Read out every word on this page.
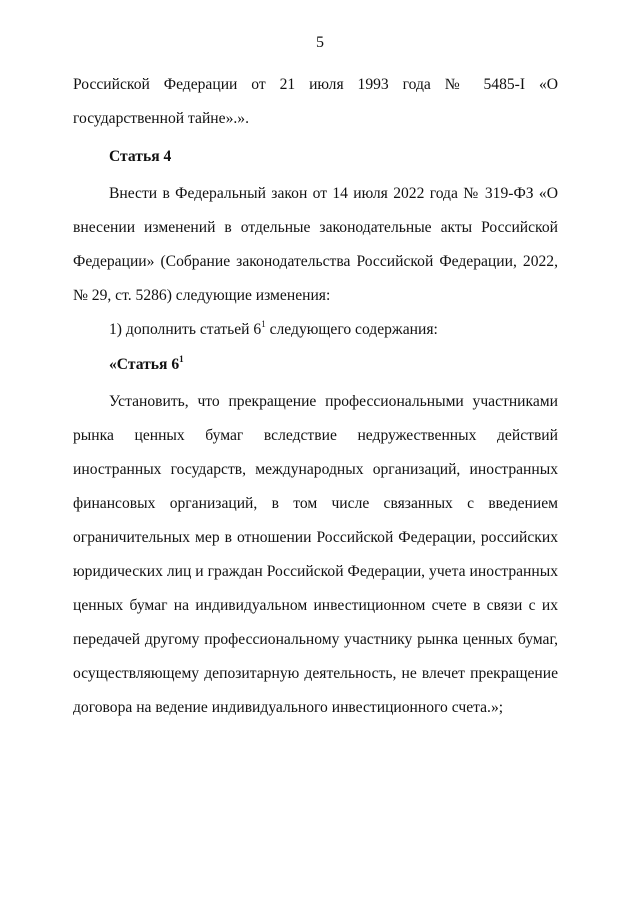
5

Российской Федерации от 21 июля 1993 года № 5485-I «О государственной тайне».».

Статья 4

Внести в Федеральный закон от 14 июля 2022 года № 319-ФЗ «О внесении изменений в отдельные законодательные акты Российской Федерации» (Собрание законодательства Российской Федерации, 2022, № 29, ст. 5286) следующие изменения:

1) дополнить статьей $6^1$ следующего содержания:

«Статья $6^1$

Установить, что прекращение профессиональными участниками рынка ценных бумаг вследствие недружественных действий иностранных государств, международных организаций, иностранных финансовых организаций, в том числе связанных с введением ограничительных мер в отношении Российской Федерации, российских юридических лиц и граждан Российской Федерации, учета иностранных ценных бумаг на индивидуальном инвестиционном счете в связи с их передачей другому профессиональному участнику рынка ценных бумаг, осуществляющему депозитарную деятельность, не влечет прекращение договора на ведение индивидуального инвестиционного счета.»;
